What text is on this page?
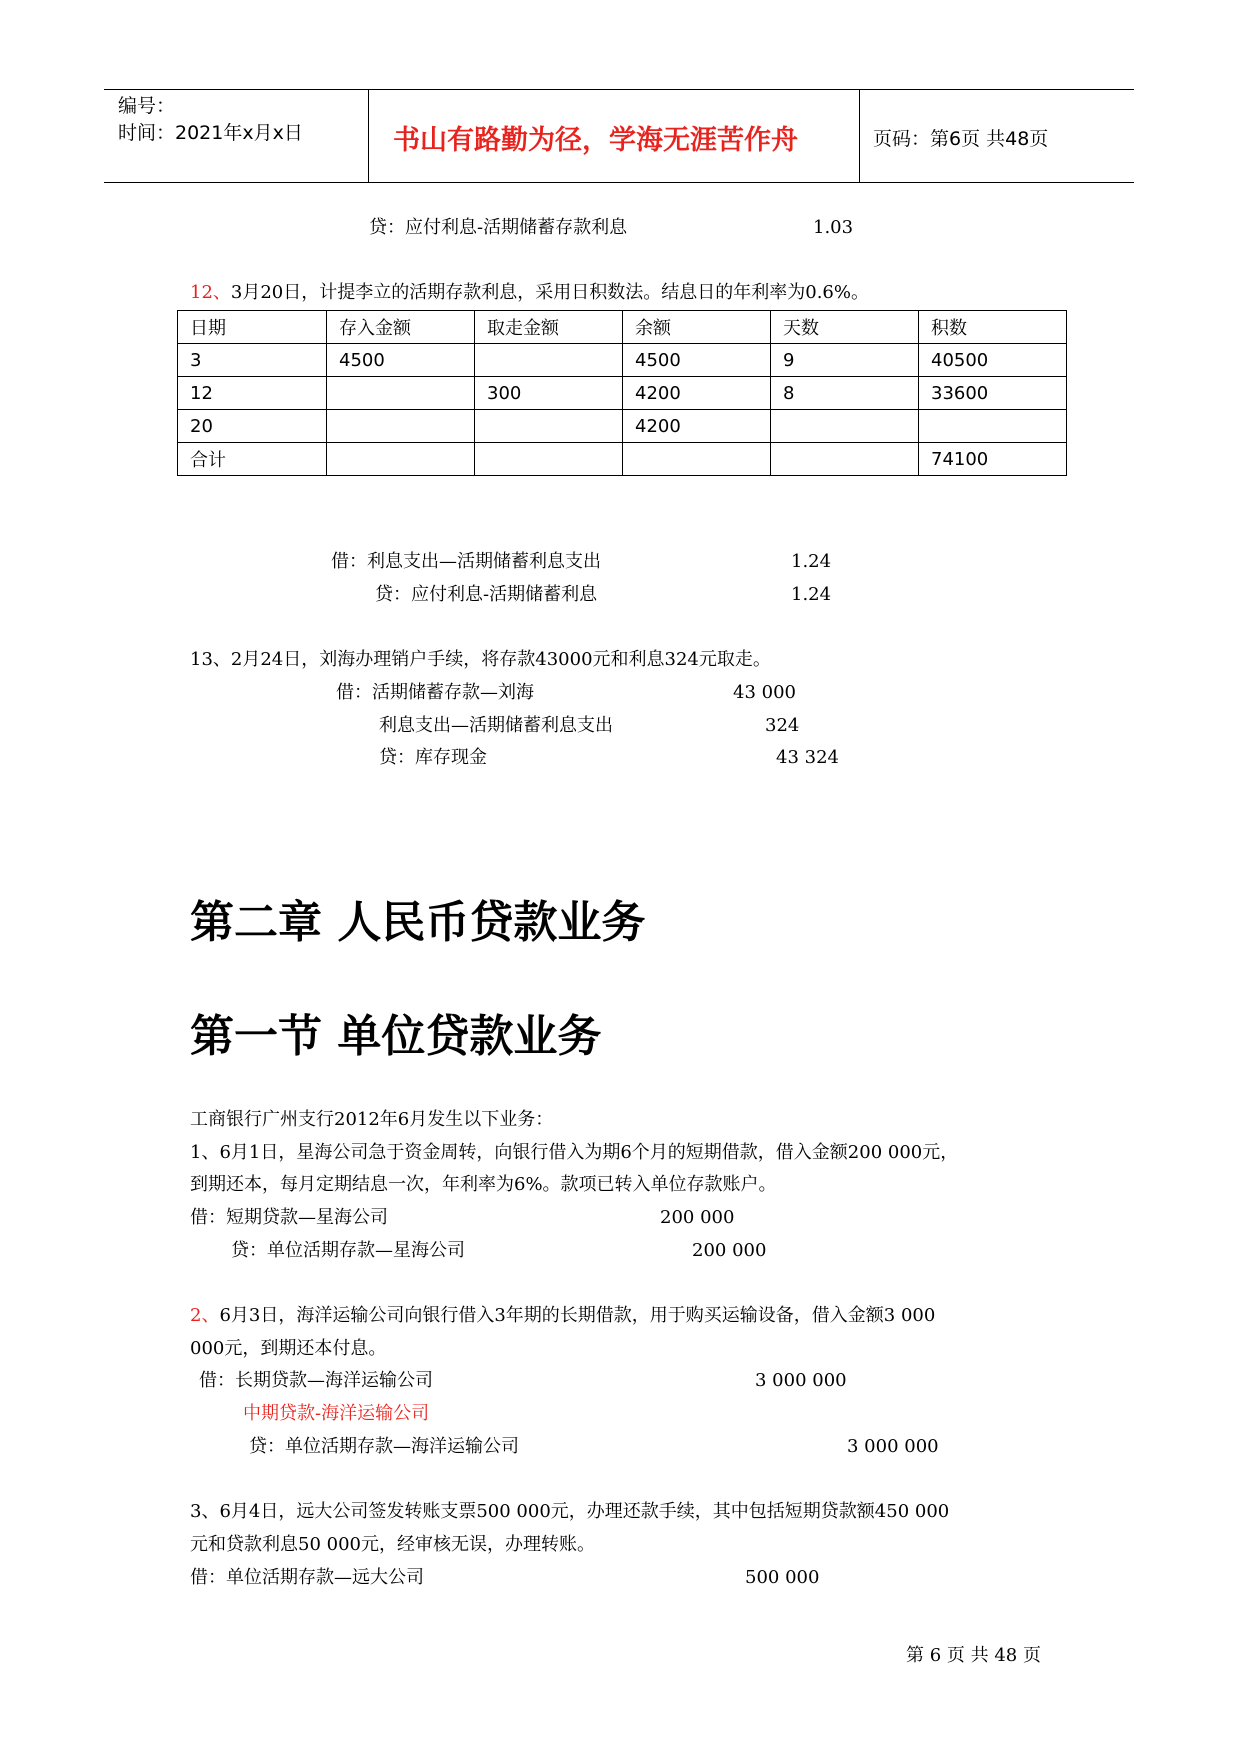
编号：
时间：2021年x月x日	书山有路勤为径，学海无涯苦作舟	页码：第6页 共48页
贷：应付利息-活期储蓄存款利息	1.03
12、3月20日，计提李立的活期存款利息，采用日积数法。结息日的年利率为0.6%。
日期	存入金额	取走金额	余额	天数	积数
3	4500		4500	9	40500
12		300	4200	8	33600
20			4200		
合计					74100
借：利息支出—活期储蓄利息支出	1.24
贷：应付利息-活期储蓄利息	1.24
13、2月24日，刘海办理销户手续，将存款43000元和利息324元取走。
借：活期储蓄存款—刘海	43 000
利息支出—活期储蓄利息支出	324
贷：库存现金	43 324
第二章 人民币贷款业务
第一节 单位贷款业务
工商银行广州支行2012年6月发生以下业务：
1、6月1日，星海公司急于资金周转，向银行借入为期6个月的短期借款，借入金额200 000元，
到期还本，每月定期结息一次，年利率为6%。款项已转入单位存款账户。
借：短期贷款—星海公司	200 000
贷：单位活期存款—星海公司	200 000
2、6月3日，海洋运输公司向银行借入3年期的长期借款，用于购买运输设备，借入金额3 000
000元，到期还本付息。
借：长期贷款—海洋运输公司	3 000 000
中期贷款-海洋运输公司
贷：单位活期存款—海洋运输公司	3 000 000
3、6月4日，远大公司签发转账支票500 000元，办理还款手续，其中包括短期贷款额450 000
元和贷款利息50 000元，经审核无误，办理转账。
借：单位活期存款—远大公司	500 000
第 6 页 共 48 页
